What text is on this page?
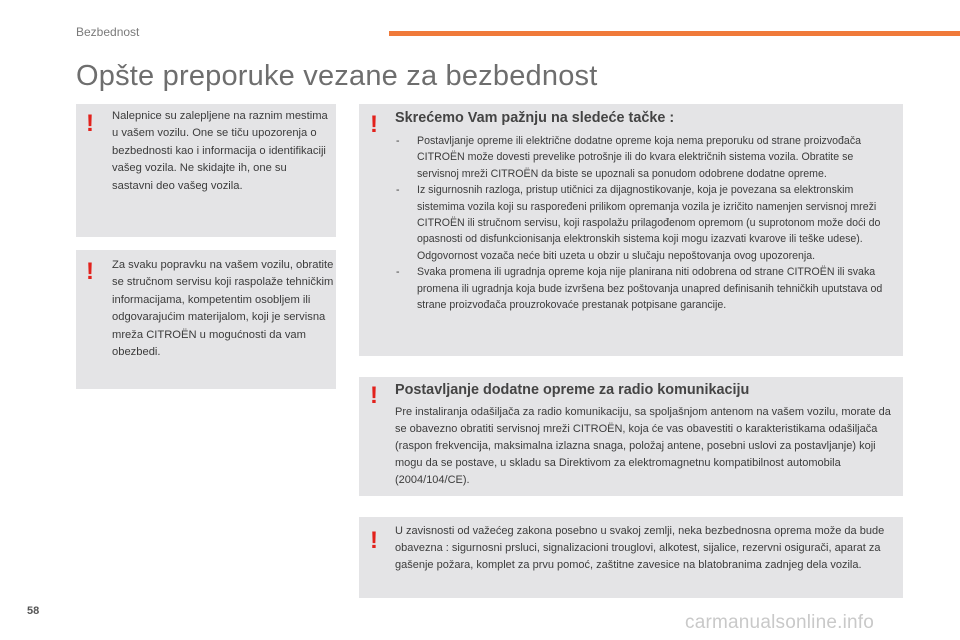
Bezbednost
Opšte preporuke vezane za bezbednost
! Nalepnice su zalepljene na raznim mestima u vašem vozilu. One se tiču upozorenja o bezbednosti kao i informacija o identifikaciji vašeg vozila. Ne skidajte ih, one su sastavni deo vašeg vozila.
! Za svaku popravku na vašem vozilu, obratite se stručnom servisu koji raspolaže tehničkim informacijama, kompetentim osobljem ili odgovarajućim materijalom, koji je servisna mreža CITROËN u mogućnosti da vam obezbedi.
! Skrećemo Vam pažnju na sledeće tačke :
- Postavljanje opreme ili električne dodatne opreme koja nema preporuku od strane proizvođača CITROËN može dovesti prevelike potrošnje ili do kvara električnih sistema vozila. Obratite se servisnoj mreži CITROËN da biste se upoznali sa ponudom odobrene dodatne opreme.
- Iz sigurnosnih razloga, pristup utičnici za dijagnostikovanje, koja je povezana sa elektronskim sistemima vozila koji su raspoređeni prilikom opremanja vozila je izričito namenjen servisnoj mreži CITROËN ili stručnom servisu, koji raspolažu prilagođenom opremom (u suprotonom može doći do opasnosti od disfunkcionisanja elektronskih sistema koji mogu izazvati kvarove ili teške udese). Odgovornost vozača neće biti uzeta u obzir u slučaju nepoštovanja ovog upozorenja.
- Svaka promena ili ugradnja opreme koja nije planirana niti odobrena od strane CITROËN ili svaka promena ili ugradnja koja bude izvršena bez poštovanja unapred definisanih tehničkih uputstava od strane proizvođača prouzrokovaće prestanak potpisane garancije.
! Postavljanje dodatne opreme za radio komunikaciju
Pre instaliranja odašiljača za radio komunikaciju, sa spoljašnjom antenom na vašem vozilu, morate da se obavezno obratiti servisnoj mreži CITROËN, koja će vas obavestiti o karakteristikama odašiljača (raspon frekvencija, maksimalna izlazna snaga, položaj antene, posebni uslovi za postavljanje) koji mogu da se postave, u skladu sa Direktivom za elektromagnetnu kompatibilnost automobila (2004/104/CE).
! U zavisnosti od važećeg zakona posebno u svakoj zemlji, neka bezbednosna oprema može da bude obavezna : sigurnosni prsluci, signalizacioni trouglovi, alkotest, sijalice, rezervni osigurači, aparat za gašenje požara, komplet za prvu pomoć, zaštitne zavesice na blatobranima zadnjeg dela vozila.
58
carmanualsonline.info
